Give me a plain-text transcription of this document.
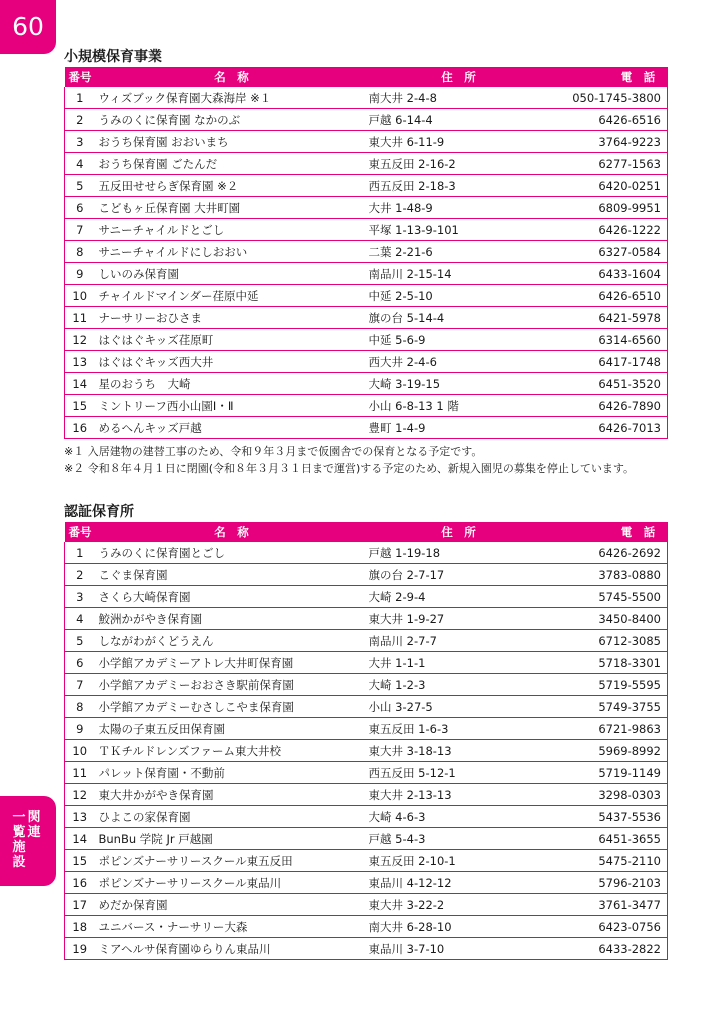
60
関連
一覧施設
小規模保育事業
番号	名　称	住　所	電　話
1	ウィズブック保育園大森海岸 ※１	南大井 2-4-8	050-1745-3800
2	うみのくに保育園 なかのぶ	戸越 6-14-4	6426-6516
3	おうち保育園 おおいまち	東大井 6-11-9	3764-9223
4	おうち保育園 ごたんだ	東五反田 2-16-2	6277-1563
5	五反田せせらぎ保育園 ※２	西五反田 2-18-3	6420-0251
6	こどもヶ丘保育園 大井町園	大井 1-48-9	6809-9951
7	サニーチャイルドとごし	平塚 1-13-9-101	6426-1222
8	サニーチャイルドにしおおい	二葉 2-21-6	6327-0584
9	しいのみ保育園	南品川 2-15-14	6433-1604
10	チャイルドマインダー荏原中延	中延 2-5-10	6426-6510
11	ナーサリーおひさま	旗の台 5-14-4	6421-5978
12	はぐはぐキッズ荏原町	中延 5-6-9	6314-6560
13	はぐはぐキッズ西大井	西大井 2-4-6	6417-1748
14	星のおうち　大崎	大崎 3-19-15	6451-3520
15	ミントリーフ西小山園Ⅰ・Ⅱ	小山 6-8-13 1 階	6426-7890
16	めるへんキッズ戸越	豊町 1-4-9	6426-7013
※１ 入居建物の建替工事のため、令和９年３月まで仮園舎での保育となる予定です。
※２ 令和８年４月１日に閉園(令和８年３月３１日まで運営)する予定のため、新規入園児の募集を停止しています。
認証保育所
番号	名　称	住　所	電　話
1	うみのくに保育園とごし	戸越 1-19-18	6426-2692
2	こぐま保育園	旗の台 2-7-17	3783-0880
3	さくら大崎保育園	大崎 2-9-4	5745-5500
4	鮫洲かがやき保育園	東大井 1-9-27	3450-8400
5	しながわがくどうえん	南品川 2-7-7	6712-3085
6	小学館アカデミーアトレ大井町保育園	大井 1-1-1	5718-3301
7	小学館アカデミーおおさき駅前保育園	大崎 1-2-3	5719-5595
8	小学館アカデミーむさしこやま保育園	小山 3-27-5	5749-3755
9	太陽の子東五反田保育園	東五反田 1-6-3	6721-9863
10	ＴＫチルドレンズファーム東大井校	東大井 3-18-13	5969-8992
11	パレット保育園・不動前	西五反田 5-12-1	5719-1149
12	東大井かがやき保育園	東大井 2-13-13	3298-0303
13	ひよこの家保育園	大崎 4-6-3	5437-5536
14	BunBu 学院 Jr 戸越園	戸越 5-4-3	6451-3655
15	ポピンズナーサリースクール東五反田	東五反田 2-10-1	5475-2110
16	ポピンズナーサリースクール東品川	東品川 4-12-12	5796-2103
17	めだか保育園	東大井 3-22-2	3761-3477
18	ユニバース・ナーサリー大森	南大井 6-28-10	6423-0756
19	ミアヘルサ保育園ゆらりん東品川	東品川 3-7-10	6433-2822
